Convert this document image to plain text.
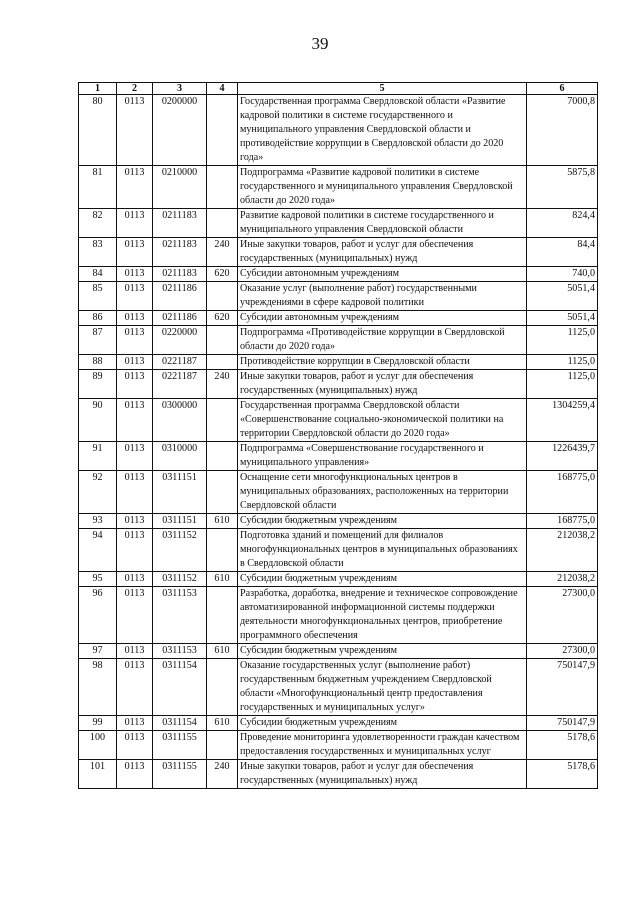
39
1	2	3	4	5	6
80	0113	0200000		Государственная программа Свердловской области «Развитие кадровой политики в системе государственного и муниципального управления Свердловской области и противодействие коррупции в Свердловской области до 2020 года»	7000,8
81	0113	0210000		Подпрограмма «Развитие кадровой политики в системе государственного и муниципального управления Свердловской области до 2020 года»	5875,8
82	0113	0211183		Развитие кадровой политики в системе государственного и муниципального управления Свердловской области	824,4
83	0113	0211183	240	Иные закупки товаров, работ и услуг для обеспечения государственных (муниципальных) нужд	84,4
84	0113	0211183	620	Субсидии автономным учреждениям	740,0
85	0113	0211186		Оказание услуг (выполнение работ) государственными учреждениями в сфере кадровой политики	5051,4
86	0113	0211186	620	Субсидии автономным учреждениям	5051,4
87	0113	0220000		Подпрограмма «Противодействие коррупции в Свердловской области до 2020 года»	1125,0
88	0113	0221187		Противодействие коррупции в Свердловской области	1125,0
89	0113	0221187	240	Иные закупки товаров, работ и услуг для обеспечения государственных (муниципальных) нужд	1125,0
90	0113	0300000		Государственная программа Свердловской области «Совершенствование социально-экономической политики на территории Свердловской области до 2020 года»	1304259,4
91	0113	0310000		Подпрограмма «Совершенствование государственного и муниципального управления»	1226439,7
92	0113	0311151		Оснащение сети многофункциональных центров в муниципальных образованиях, расположенных на территории Свердловской области	168775,0
93	0113	0311151	610	Субсидии бюджетным учреждениям	168775,0
94	0113	0311152		Подготовка зданий и помещений для филиалов многофункциональных центров в муниципальных образованиях в Свердловской области	212038,2
95	0113	0311152	610	Субсидии бюджетным учреждениям	212038,2
96	0113	0311153		Разработка, доработка, внедрение и техническое сопровождение автоматизированной информационной системы поддержки деятельности многофункциональных центров, приобретение программного обеспечения	27300,0
97	0113	0311153	610	Субсидии бюджетным учреждениям	27300,0
98	0113	0311154		Оказание государственных услуг (выполнение работ) государственным бюджетным учреждением Свердловской области «Многофункциональный центр предоставления государственных и муниципальных услуг»	750147,9
99	0113	0311154	610	Субсидии бюджетным учреждениям	750147,9
100	0113	0311155		Проведение мониторинга удовлетворенности граждан качеством предоставления государственных и муниципальных услуг	5178,6
101	0113	0311155	240	Иные закупки товаров, работ и услуг для обеспечения государственных (муниципальных) нужд	5178,6
